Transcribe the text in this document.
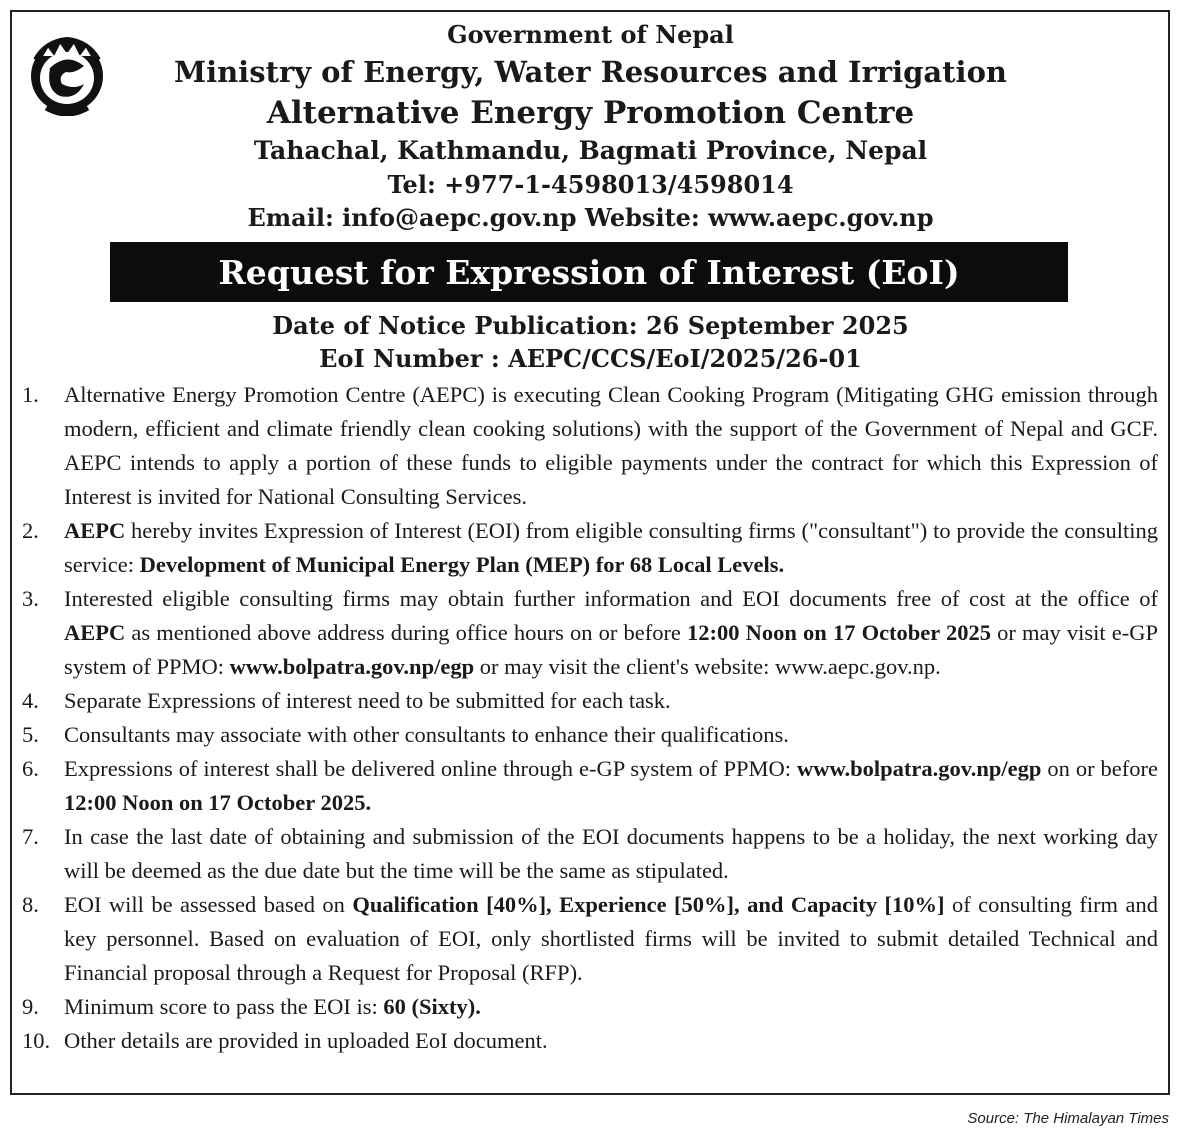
Government of Nepal
Ministry of Energy, Water Resources and Irrigation
Alternative Energy Promotion Centre
Tahachal, Kathmandu, Bagmati Province, Nepal
Tel: +977-1-4598013/4598014
Email: info@aepc.gov.np Website: www.aepc.gov.np
Request for Expression of Interest (EoI)
Date of Notice Publication: 26 September 2025
EoI Number : AEPC/CCS/EoI/2025/26-01
1.	Alternative Energy Promotion Centre (AEPC) is executing Clean Cooking Program (Mitigating GHG emission through modern, efficient and climate friendly clean cooking solutions) with the support of the Government of Nepal and GCF. AEPC intends to apply a portion of these funds to eligible payments under the contract for which this Expression of Interest is invited for National Consulting Services.
2.	AEPC hereby invites Expression of Interest (EOI) from eligible consulting firms ("consultant") to provide the consulting service: Development of Municipal Energy Plan (MEP) for 68 Local Levels.
3.	Interested eligible consulting firms may obtain further information and EOI documents free of cost at the office of AEPC as mentioned above address during office hours on or before 12:00 Noon on 17 October 2025 or may visit e-GP system of PPMO: www.bolpatra.gov.np/egp or may visit the client's website: www.aepc.gov.np.
4.	Separate Expressions of interest need to be submitted for each task.
5.	Consultants may associate with other consultants to enhance their qualifications.
6.	Expressions of interest shall be delivered online through e-GP system of PPMO: www.bolpatra.gov.np/egp on or before 12:00 Noon on 17 October 2025.
7.	In case the last date of obtaining and submission of the EOI documents happens to be a holiday, the next working day will be deemed as the due date but the time will be the same as stipulated.
8.	EOI will be assessed based on Qualification [40%], Experience [50%], and Capacity [10%] of consulting firm and key personnel. Based on evaluation of EOI, only shortlisted firms will be invited to submit detailed Technical and Financial proposal through a Request for Proposal (RFP).
9.	Minimum score to pass the EOI is: 60 (Sixty).
10. Other details are provided in uploaded EoI document.
Source: The Himalayan Times
